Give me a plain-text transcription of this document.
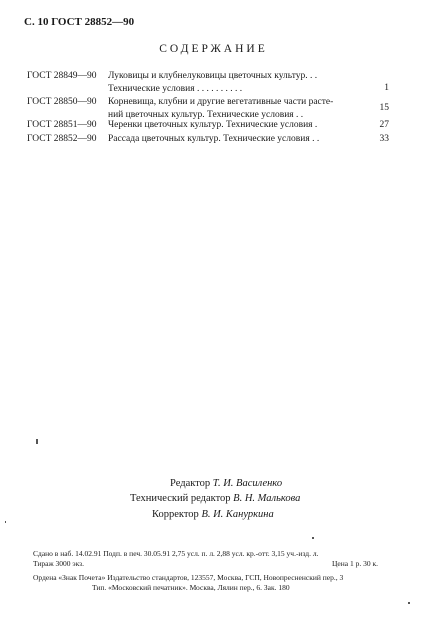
С. 10 ГОСТ 28852—90
СОДЕРЖАНИЕ
ГОСТ 28849—90 Луковицы и клубнелуковицы цветочных культур. . .
Технические условия . . . . . . . . . .	1
ГОСТ 28850—90 Корневища, клубни и другие вегетативные части расте-
ний цветочных культур. Технические условия . .
15
ГОСТ 28851—90 Черенки цветочных культур. Технические условия .	27
ГОСТ 28852—90 Рассада цветочных культур. Технические условия . .	33
Редактор Т. И. Василенко
Технический редактор В. Н. Малькова
Корректор В. И. Кануркина
Сдано в наб. 14.02.91 Подп. в печ. 30.05.91 2,75 усл. п. л. 2,88 усл. кр.-отт. 3,15 уч.-изд. л.
Тираж 3000 экз.	Цена 1 р. 30 к.
Ордена «Знак Почета» Издательство стандартов, 123557, Москва, ГСП, Новопресненский пер., 3
Тип. «Московский печатник». Москва, Лялин пер., 6. Зак. 180
